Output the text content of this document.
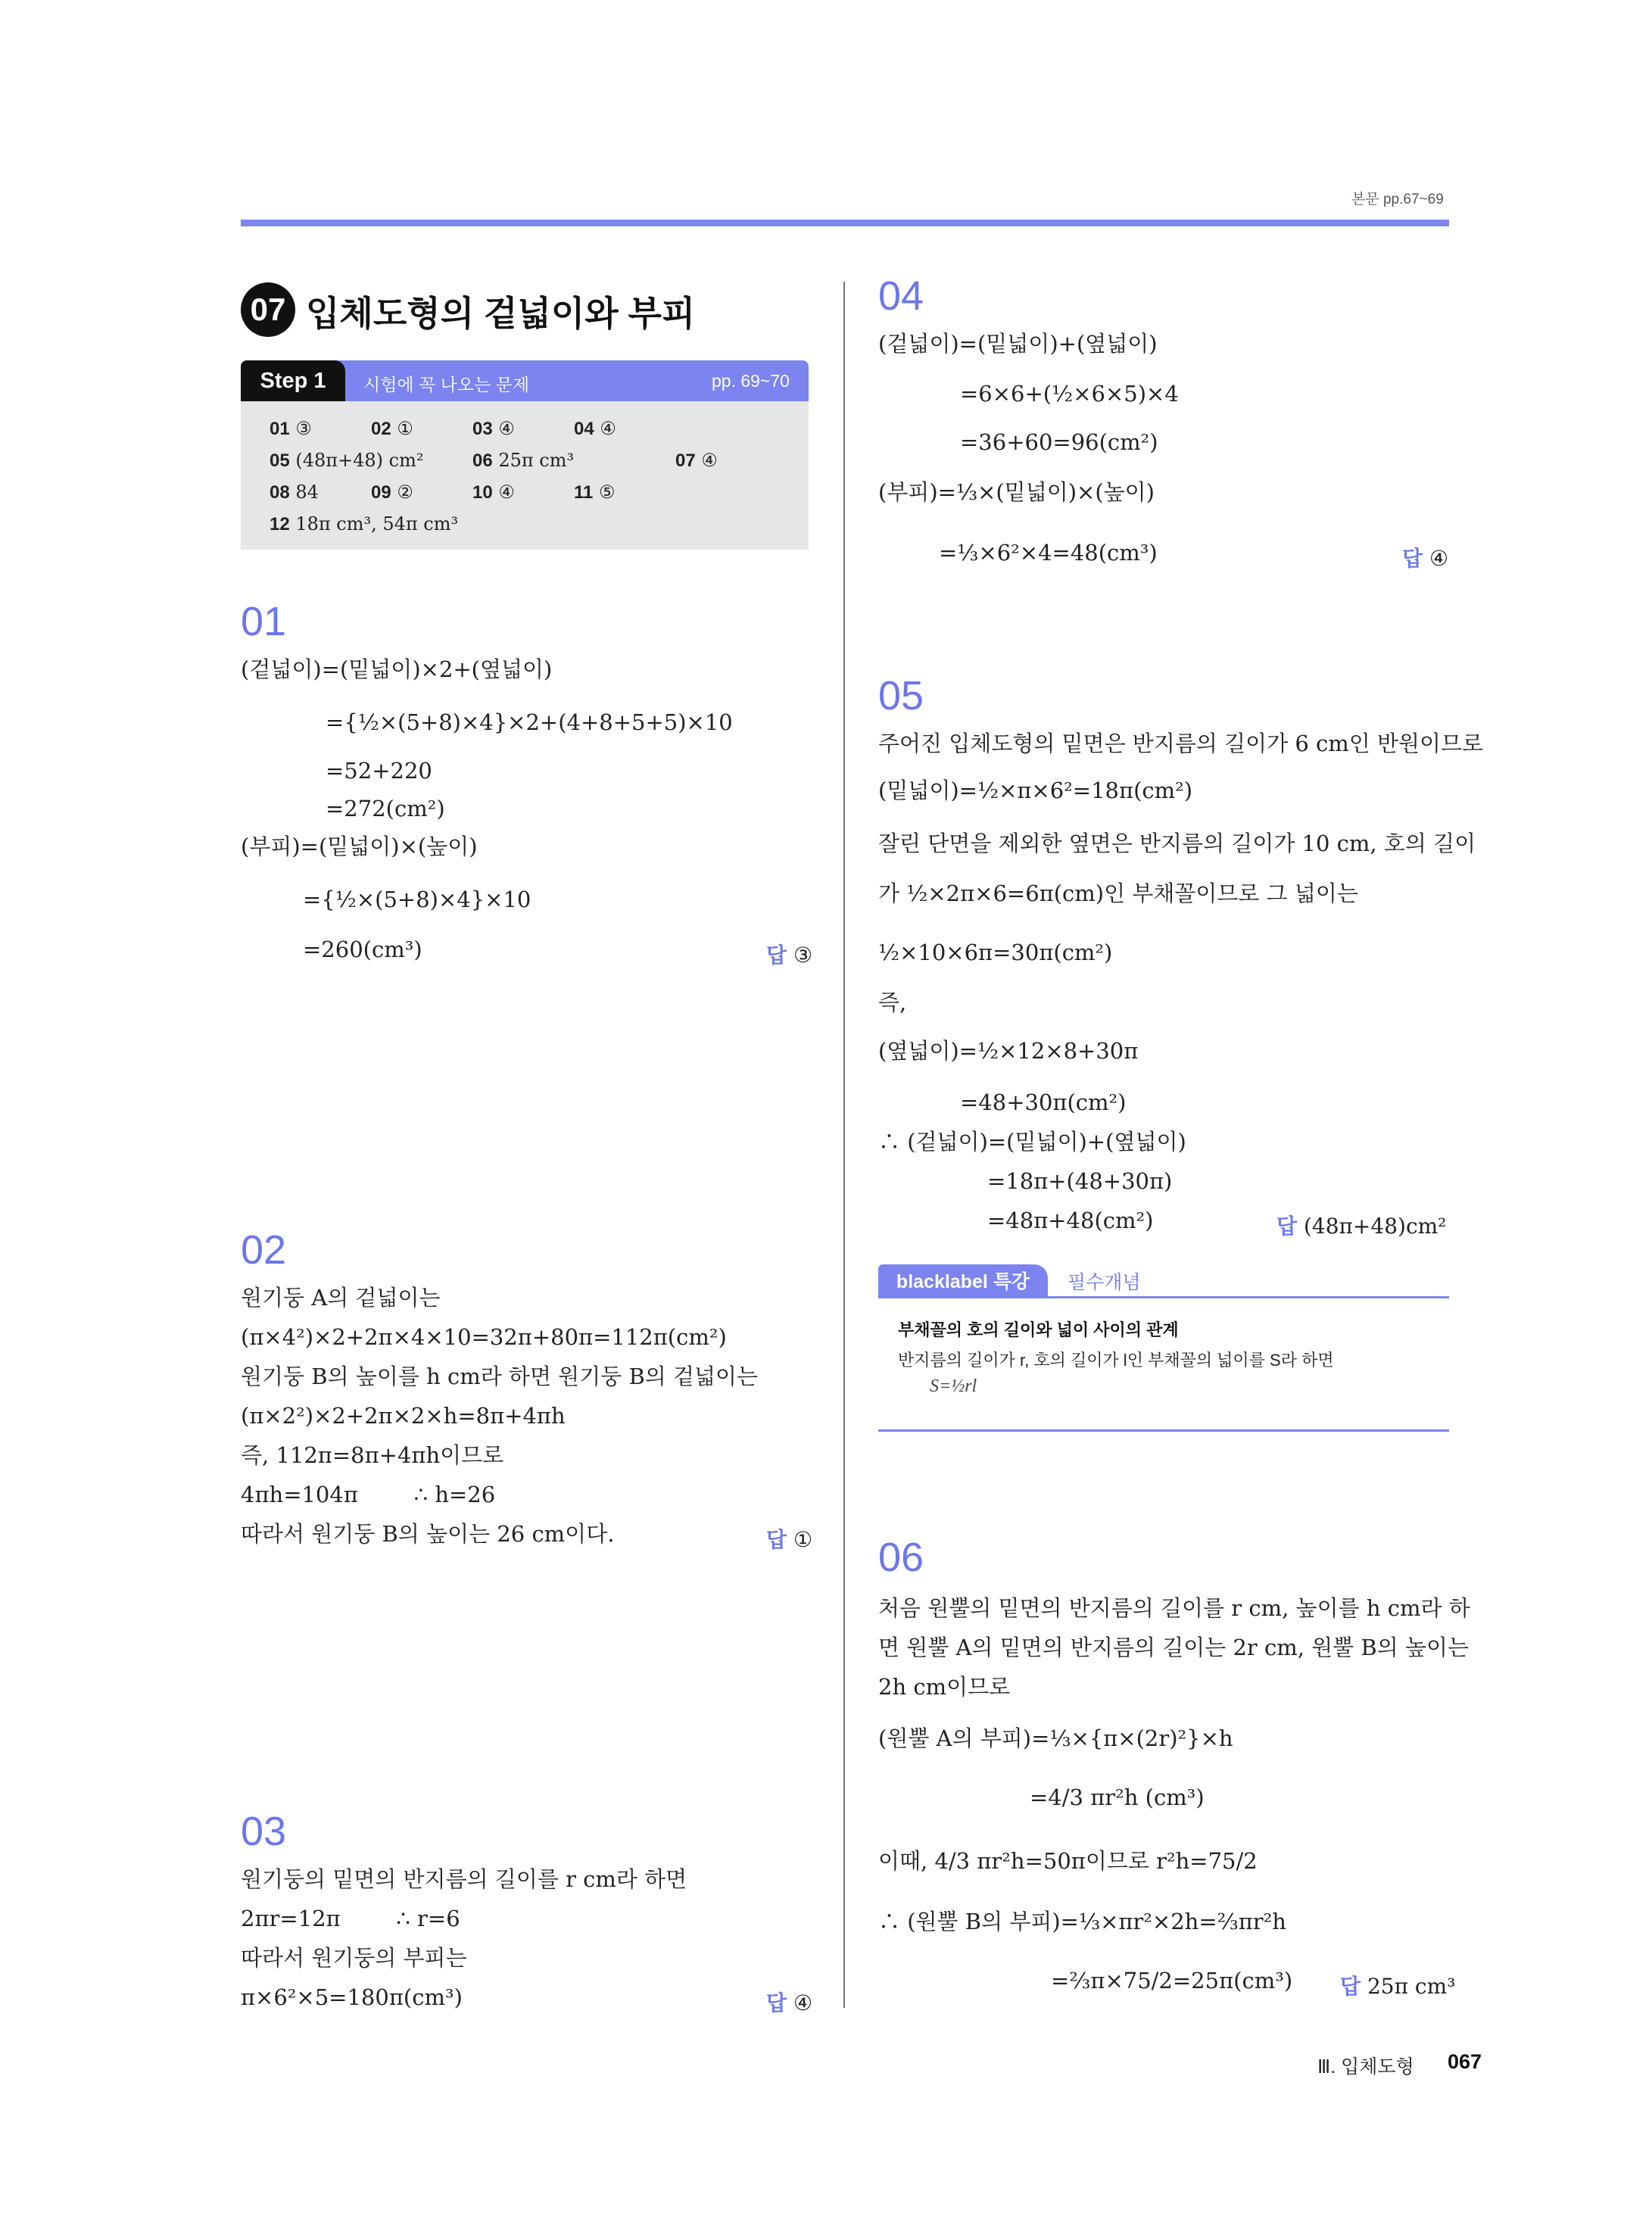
본문 pp.67~69
07 입체도형의 겉넓이와 부피
Step 1	시험에 꼭 나오는 문제	pp. 69~70
01 ③	02 ①	03 ④	04 ④
05 (48π+48) cm²	06 25π cm³	07 ④
08 84	09 ②	10 ④	11 ⑤
12 18π cm³, 54π cm³
01
(겉넓이)=(밑넓이)×2+(옆넓이)
={½×(5+8)×4}×2+(4+8+5+5)×10
=52+220
=272(cm²)
(부피)=(밑넓이)×(높이)
={½×(5+8)×4}×10
=260(cm³)	답 ③
02
원기둥 A의 겉넓이는
(π×4²)×2+2π×4×10=32π+80π=112π(cm²)
원기둥 B의 높이를 h cm라 하면 원기둥 B의 겉넓이는
(π×2²)×2+2π×2×h=8π+4πh
즉, 112π=8π+4πh이므로
4πh=104π        ∴ h=26
따라서 원기둥 B의 높이는 26 cm이다.	답 ①
03
원기둥의 밑면의 반지름의 길이를 r cm라 하면
2πr=12π        ∴ r=6
따라서 원기둥의 부피는
π×6²×5=180π(cm³)	답 ④
04
(겉넓이)=(밑넓이)+(옆넓이)
=6×6+(½×6×5)×4
=36+60=96(cm²)
(부피)=⅓×(밑넓이)×(높이)
=⅓×6²×4=48(cm³)	답 ④
05
주어진 입체도형의 밑면은 반지름의 길이가 6 cm인 반원이므로
(밑넓이)=½×π×6²=18π(cm²)
잘린 단면을 제외한 옆면은 반지름의 길이가 10 cm, 호의 길이
가 ½×2π×6=6π(cm)인 부채꼴이므로 그 넓이는
½×10×6π=30π(cm²)
즉,
(옆넓이)=½×12×8+30π
=48+30π(cm²)
∴ (겉넓이)=(밑넓이)+(옆넓이)
=18π+(48+30π)
=48π+48(cm²)	답 (48π+48)cm²
blacklabel 특강	필수개념
부채꼴의 호의 길이와 넓이 사이의 관계
반지름의 길이가 r, 호의 길이가 l인 부채꼴의 넓이를 S라 하면
S=½rl
06
처음 원뿔의 밑면의 반지름의 길이를 r cm, 높이를 h cm라 하
면 원뿔 A의 밑면의 반지름의 길이는 2r cm, 원뿔 B의 높이는
2h cm이므로
(원뿔 A의 부피)=⅓×{π×(2r)²}×h
=4/3 πr²h (cm³)
이때, 4/3 πr²h=50π이므로 r²h=75/2
∴ (원뿔 B의 부피)=⅓×πr²×2h=⅔πr²h
=⅔π×75/2=25π(cm³) 답 25π cm³
Ⅲ. 입체도형 067
